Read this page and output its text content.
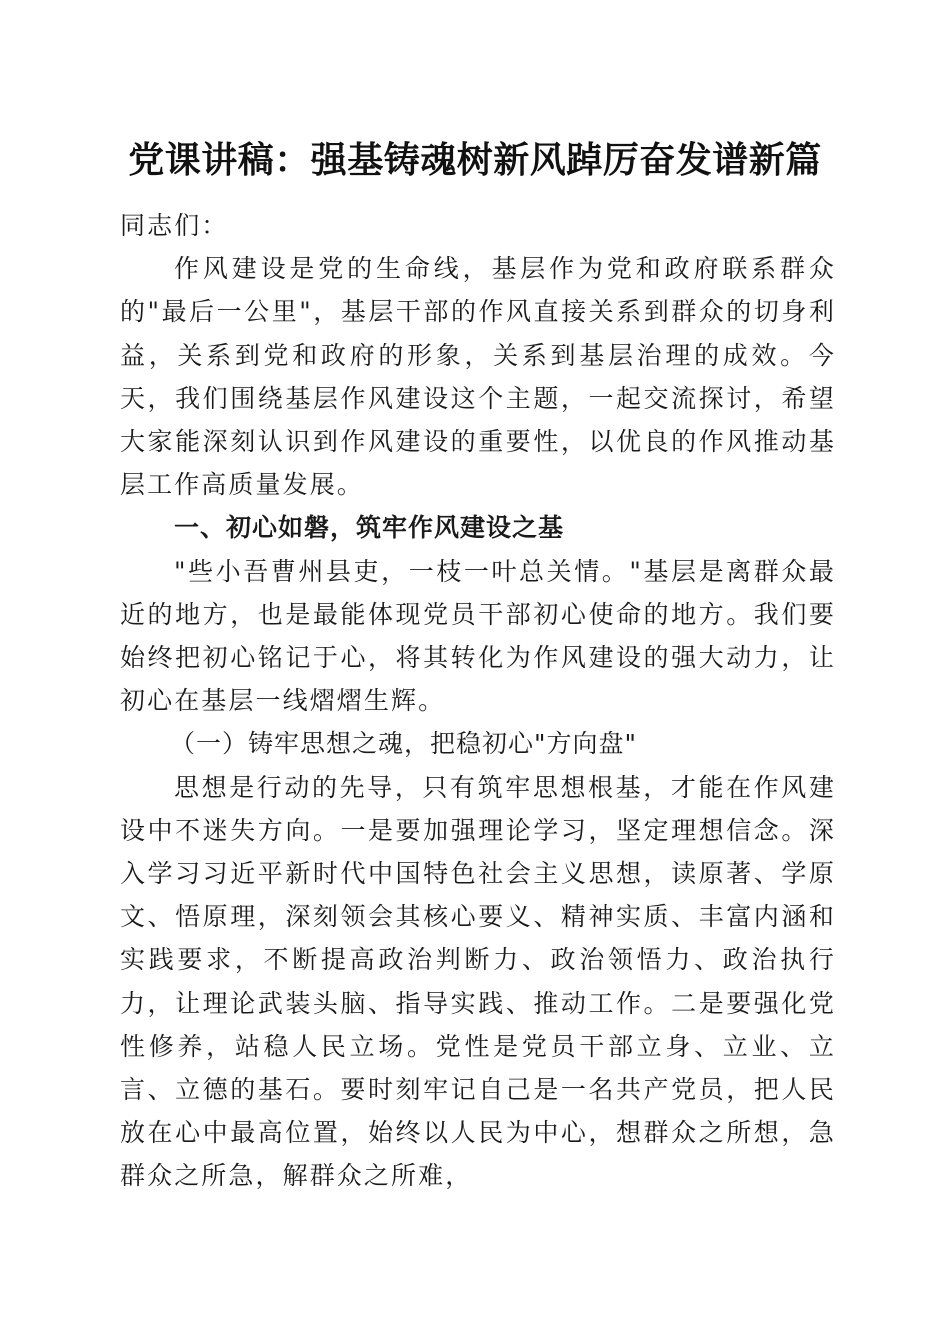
党课讲稿：强基铸魂树新风踔厉奋发谱新篇

同志们：

作风建设是党的生命线，基层作为党和政府联系群众的"最后一公里"，基层干部的作风直接关系到群众的切身利益，关系到党和政府的形象，关系到基层治理的成效。今天，我们围绕基层作风建设这个主题，一起交流探讨，希望大家能深刻认识到作风建设的重要性，以优良的作风推动基层工作高质量发展。

一、初心如磐，筑牢作风建设之基

"些小吾曹州县吏，一枝一叶总关情。"基层是离群众最近的地方，也是最能体现党员干部初心使命的地方。我们要始终把初心铭记于心，将其转化为作风建设的强大动力，让初心在基层一线熠熠生辉。

（一）铸牢思想之魂，把稳初心"方向盘"

思想是行动的先导，只有筑牢思想根基，才能在作风建设中不迷失方向。一是要加强理论学习，坚定理想信念。深入学习习近平新时代中国特色社会主义思想，读原著、学原文、悟原理，深刻领会其核心要义、精神实质、丰富内涵和实践要求，不断提高政治判断力、政治领悟力、政治执行力，让理论武装头脑、指导实践、推动工作。二是要强化党性修养，站稳人民立场。党性是党员干部立身、立业、立言、立德的基石。要时刻牢记自己是一名共产党员，把人民放在心中最高位置，始终以人民为中心，想群众之所想，急群众之所急，解群众之所难，
